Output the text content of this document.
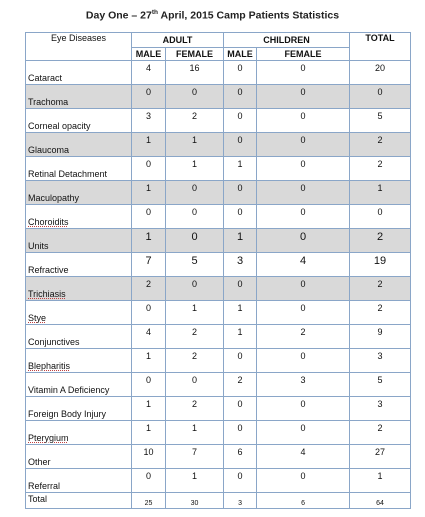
Day One – 27th April, 2015 Camp Patients Statistics
Eye Diseases	ADULT		CHILDREN		TOTAL
	MALE	FEMALE	MALE	FEMALE	
Cataract	4	16	0	0	20
Trachoma	0	0	0	0	0
Corneal opacity	3	2	0	0	5
Glaucoma	1	1	0	0	2
Retinal Detachment	0	1	1	0	2
Maculopathy	1	0	0	0	1
Choroidits	0	0	0	0	0
Units	1	0	1	0	2
Refractive	7	5	3	4	19
Trichiasis	2	0	0	0	2
Stye	0	1	1	0	2
Conjunctives	4	2	1	2	9
Blepharitis	1	2	0	0	3
Vitamin A Deficiency	0	0	2	3	5
Foreign Body Injury	1	2	0	0	3
Pterygium	1	1	0	0	2
Other	10	7	6	4	27
Referral	0	1	0	0	1
Total	25	30	3	6	64
